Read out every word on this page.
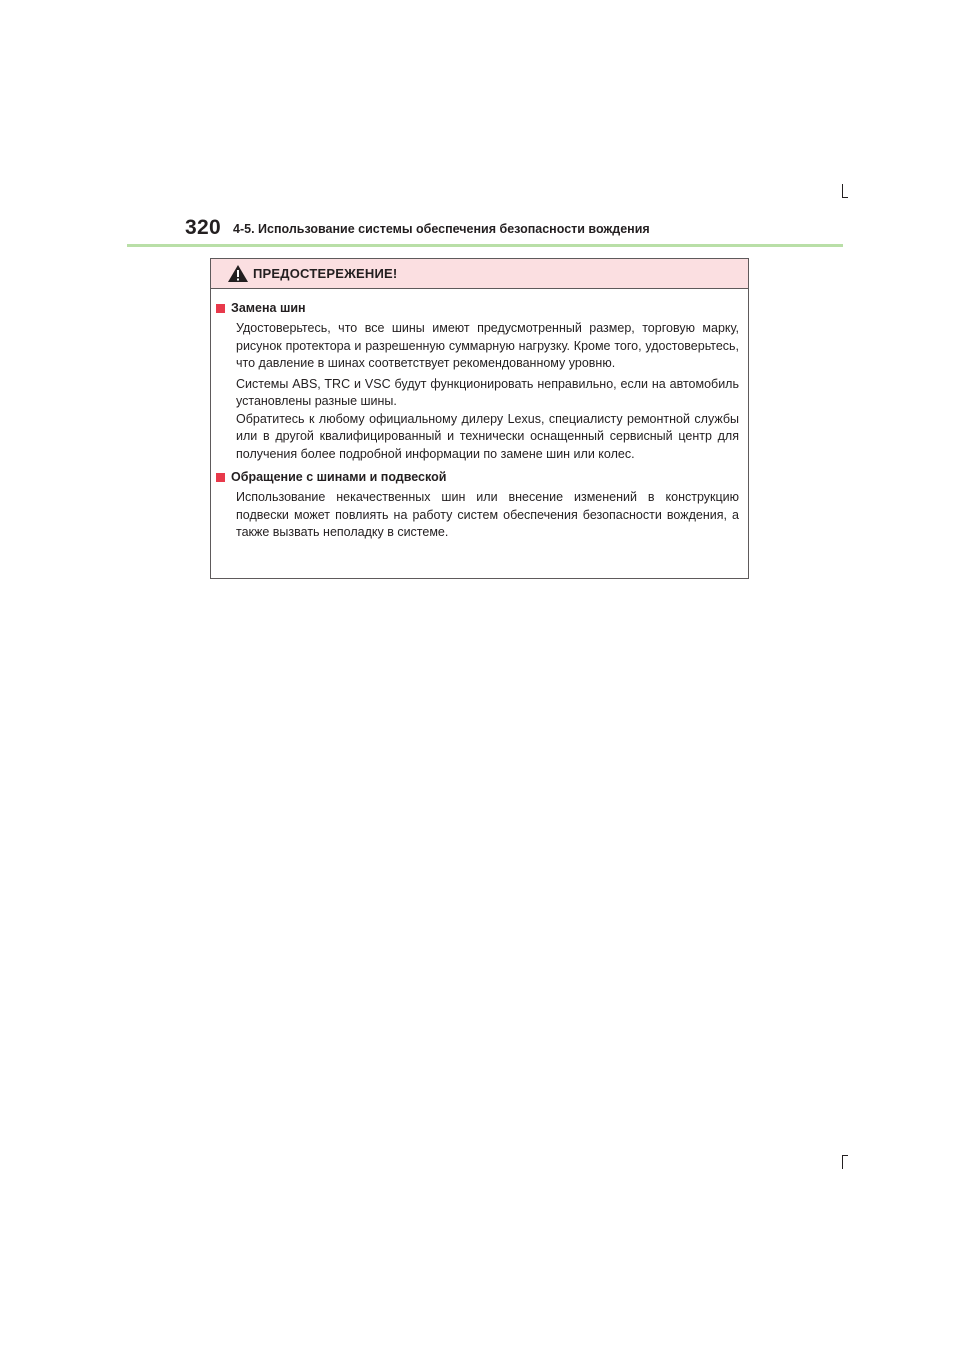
320 4-5. Использование системы обеспечения безопасности вождения
ПРЕДОСТЕРЕЖЕНИЕ!
Замена шин

Удостоверьтесь, что все шины имеют предусмотренный размер, торговую марку, рисунок протектора и разрешенную суммарную нагрузку. Кроме того, удостоверьтесь, что давление в шинах соответствует рекомендованному уровню.

Системы ABS, TRC и VSC будут функционировать неправильно, если на автомобиль установлены разные шины.

Обратитесь к любому официальному дилеру Lexus, специалисту ремонтной службы или в другой квалифицированный и технически оснащенный сервисный центр для получения более подробной информации по замене шин или колес.

Обращение с шинами и подвеской

Использование некачественных шин или внесение изменений в конструкцию подвески может повлиять на работу систем обеспечения безопасности вождения, а также вызвать неполадку в системе.
